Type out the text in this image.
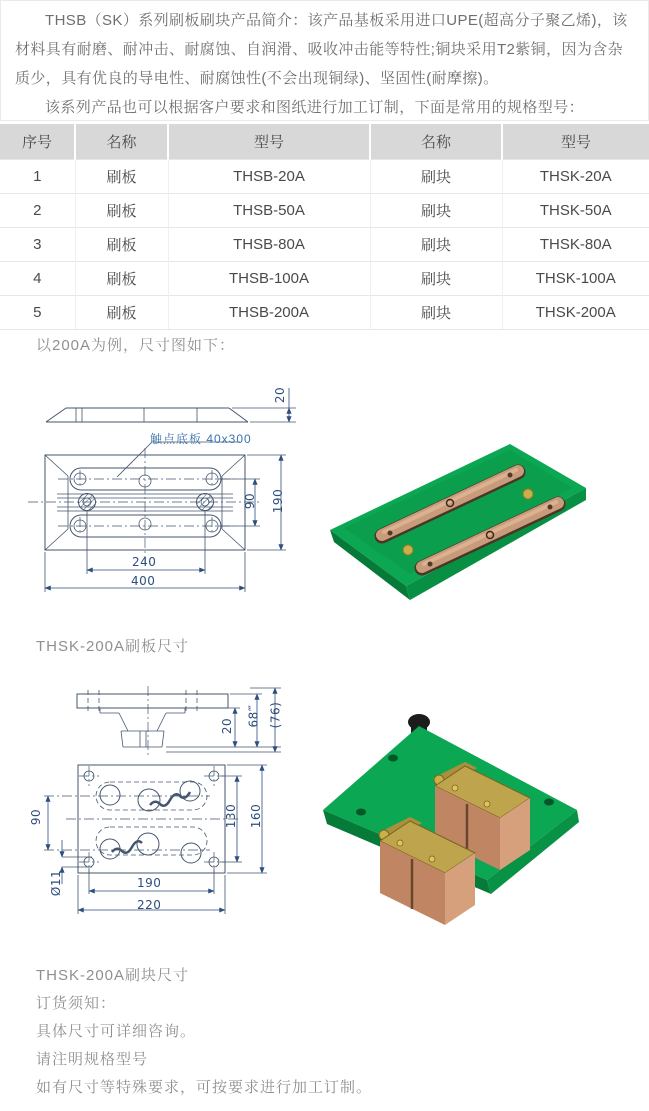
THSB（SK）系列刷板刷块产品简介：该产品基板采用进口UPE(超高分子聚乙烯)，该材料具有耐磨、耐冲击、耐腐蚀、自润滑、吸收冲击能等特性;铜块采用T2紫铜，因为含杂质少，具有优良的导电性、耐腐蚀性(不会出现铜绿)、坚固性(耐摩擦)。

该系列产品也可以根据客户要求和图纸进行加工订制，下面是常用的规格型号：

序号	名称	型号	名称	型号
1	刷板	THSB-20A	刷块	THSK-20A
2	刷板	THSB-50A	刷块	THSK-50A
3	刷板	THSB-80A	刷块	THSK-80A
4	刷板	THSB-100A	刷块	THSK-100A
5	刷板	THSB-200A	刷块	THSK-200A
以200A为例，尺寸图如下：
20
触点底板 40x300
90 190
240
400
THSK-200A刷板尺寸
20 68‴ (76)
90	130 160
Ø11	190
220
THSK-200A刷块尺寸
订货须知：
具体尺寸可详细咨询。
请注明规格型号
如有尺寸等特殊要求，可按要求进行加工订制。
